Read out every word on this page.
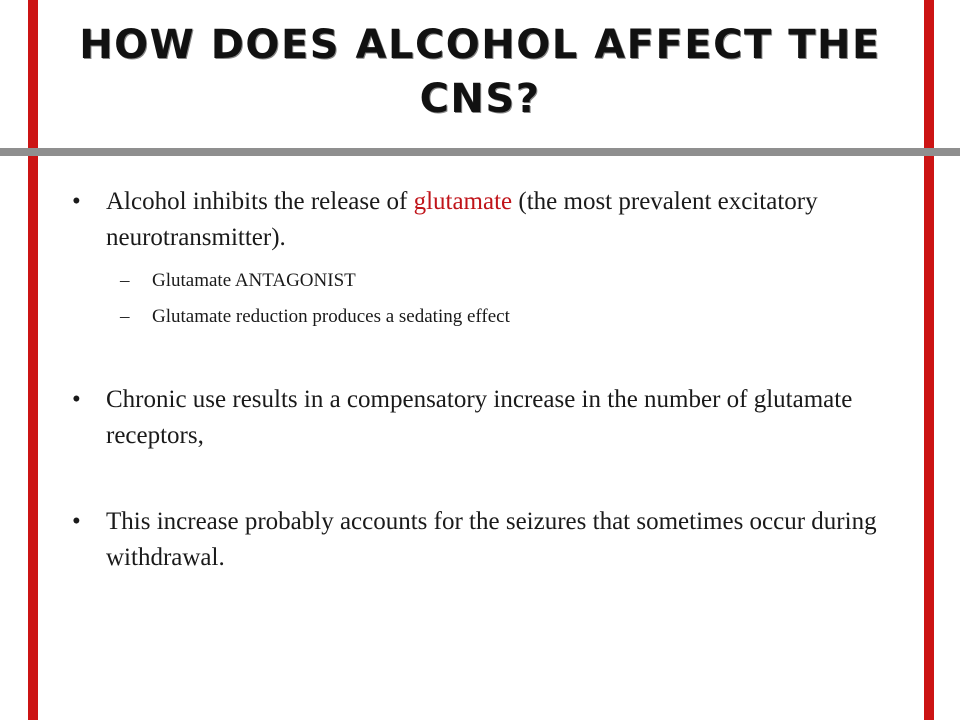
HOW DOES ALCOHOL AFFECT THE CNS?

• Alcohol inhibits the release of glutamate (the most prevalent excitatory neurotransmitter).

– Glutamate ANTAGONIST

– Glutamate reduction produces a sedating effect

• Chronic use results in a compensatory increase in the number of glutamate receptors,

• This increase probably accounts for the seizures that sometimes occur during withdrawal.
